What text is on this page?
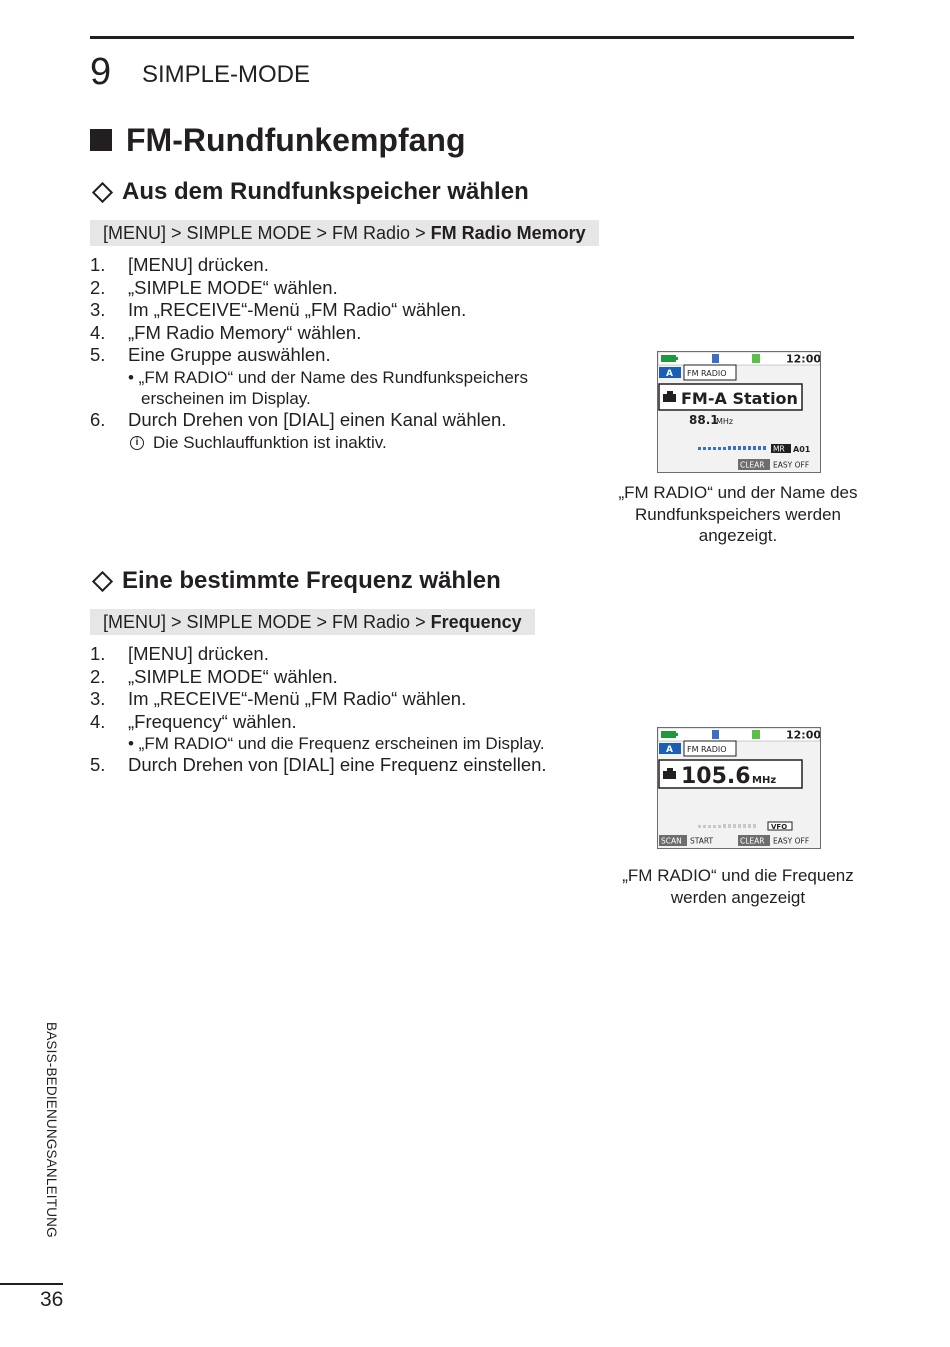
9 SIMPLE-MODE
FM-Rundfunkempfang
Aus dem Rundfunkspeicher wählen
[MENU] > SIMPLE MODE > FM Radio > FM Radio Memory
1.	[MENU] drücken.
2.	„SIMPLE MODE“ wählen.
3.	Im „RECEIVE“-Menü „FM Radio“ wählen.
4.	„FM Radio Memory“ wählen.
5.	Eine Gruppe auswählen.
• „FM RADIO“ und der Name des Rundfunkspeichers
erscheinen im Display.
6.	Durch Drehen von [DIAL] einen Kanal wählen.
i Die Suchlauffunktion ist inaktiv.
12:00
A FM RADIO
FM-A Station
88.1
MHz
MR A01
CLEAR EASY OFF
„FM RADIO“ und der Name des Rundfunkspeichers werden angezeigt.
Eine bestimmte Frequenz wählen
[MENU] > SIMPLE MODE > FM Radio > Frequency
1.	[MENU] drücken.
2.	„SIMPLE MODE“ wählen.
3.	Im „RECEIVE“-Menü „FM Radio“ wählen.
4.	„Frequency“ wählen.
• „FM RADIO“ und die Frequenz erscheinen im Display.
5.	Durch Drehen von [DIAL] eine Frequenz einstellen.
12:00
A FM RADIO
105.6 MHz
VFO
SCAN START	CLEAR EASY OFF
„FM RADIO“ und die Frequenz werden angezeigt
BASIS-BEDIENUNGSANLEITUNG
36
